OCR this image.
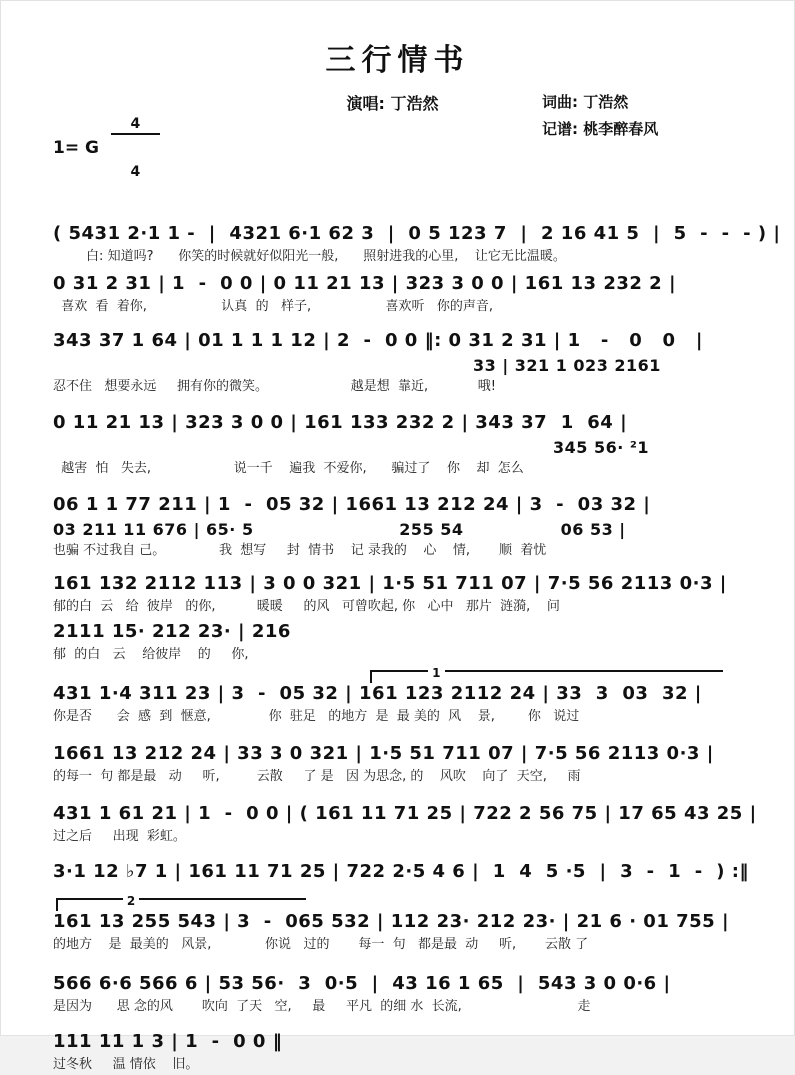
三行情书
1= G

$\frac{4}{4}$

	演唱: 丁浩然	词曲: 丁浩然
记谱: 桃李醉春风
( 5431 2·1 1 -  |  4321 6·1 62 3  |  0 5 123 7  |  2 16 41 5  |  5  -  -  - ) |
白: 知道吗?      你笑的时候就好似阳光一般,      照射进我的心里,    让它无比温暖。
0 31 2 31 | 1  -  0 0 | 0 11 21 13 | 323 3 0 0 | 161 13 232 2 |
喜欢  看  着你,                  认真  的   样子,                  喜欢听   你的声音,
343 37 1 64 | 01 1 1 1 12 | 2  -  0 0 ‖: 0 31 2 31 | 1   -   0   0   |
33 | 321 1 023 2161
忍不住   想要永远     拥有你的微笑。                    越是想  靠近,            哦!
0 11 21 13 | 323 3 0 0 | 161 133 232 2 | 343 37  1  64 |
345 56· ²1
越害  怕   失去,                    说一千    遍我  不爱你,      骗过了    你    却  怎么
06 1 1 77 211 | 1  -  05 32 | 1661 13 212 24 | 3  -  03 32 |
03 211 11 676 | 65· 5                        255 54                06 53 |
也骗 不过我自 己。             我  想写     封  情书    记 录我的    心    情,       顺  着忧
161 132 2112 113 | 3 0 0 321 | 1·5 51 711 07 | 7·5 56 2113 0·3 |
郁的白  云   给  彼岸   的你,          暖暖     的风   可曾吹起, 你   心中   那片  涟漪,    问
2111 15· 212 23· | 216
郁  的白   云    给彼岸    的     你,
$^1$
431 1·4 311 23 | 3  -  05 32 | 161 123 2112 24 | 33  3  03  32 |
你是否      会  感  到  惬意,              你  驻足   的地方  是  最 美的  风    景,        你   说过
1661 13 212 24 | 33 3 0 321 | 1·5 51 711 07 | 7·5 56 2113 0·3 |
的每一  句 都是最   动     听,         云散     了 是   因 为思念, 的    风吹    向了  天空,     雨
431 1 61 21 | 1  -  0 0 | ( 161 11 71 25 | 722 2 56 75 | 17 65 43 25 |
过之后     出现  彩虹。
3·1 12 ♭7 1 | 161 11 71 25 | 722 2·5 4 6 |  1  4  5 ·5  |  3  -  1  -  ) :‖
$^2$
161 13 255 543 | 3  -  065 532 | 112 23· 212 23· | 21 6 · 01 755 |
的地方    是  最美的   风景,             你说   过的       每一  句   都是最  动     听,       云散 了
566 6·6 566 6 | 53 56·  3  0·5  |  43 16 1 65  |  543 3 0 0·6 |
是因为      思 念的风       吹向  了天   空,     最     平凡  的细 水  长流,                            走
111 11 1 3 | 1  -  0 0 ‖
过冬秋     温 情依    旧。
